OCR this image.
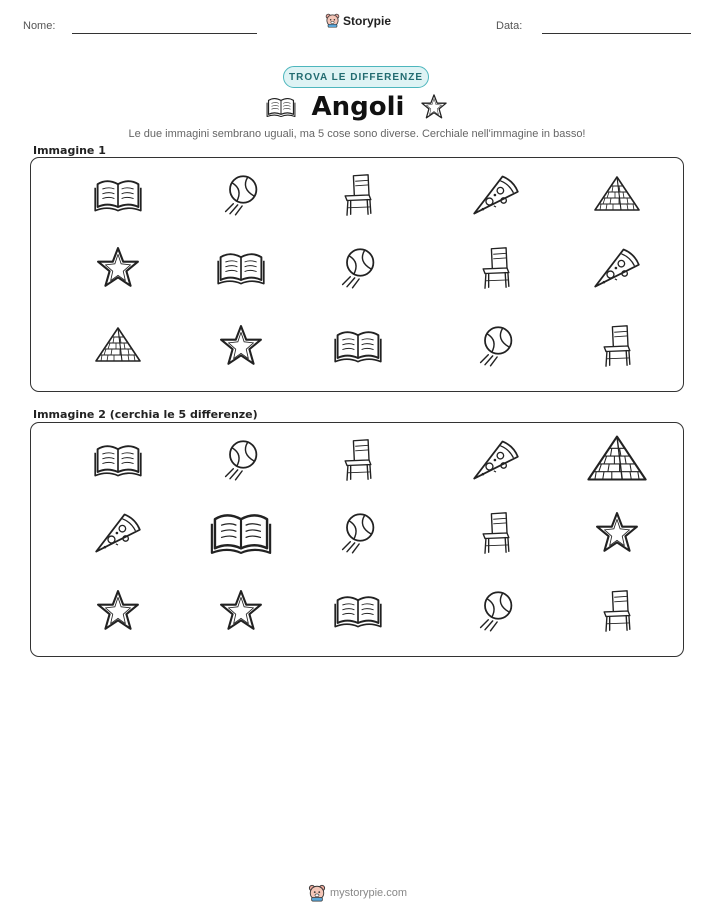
Nome:	Storypie	Data:
TROVA LE DIFFERENZE
Angoli
Le due immagini sembrano uguali, ma 5 cose sono diverse. Cerchiale nell'immagine in basso!
Immagine 1
Immagine 2 (cerchia le 5 differenze)
mystorypie.com
